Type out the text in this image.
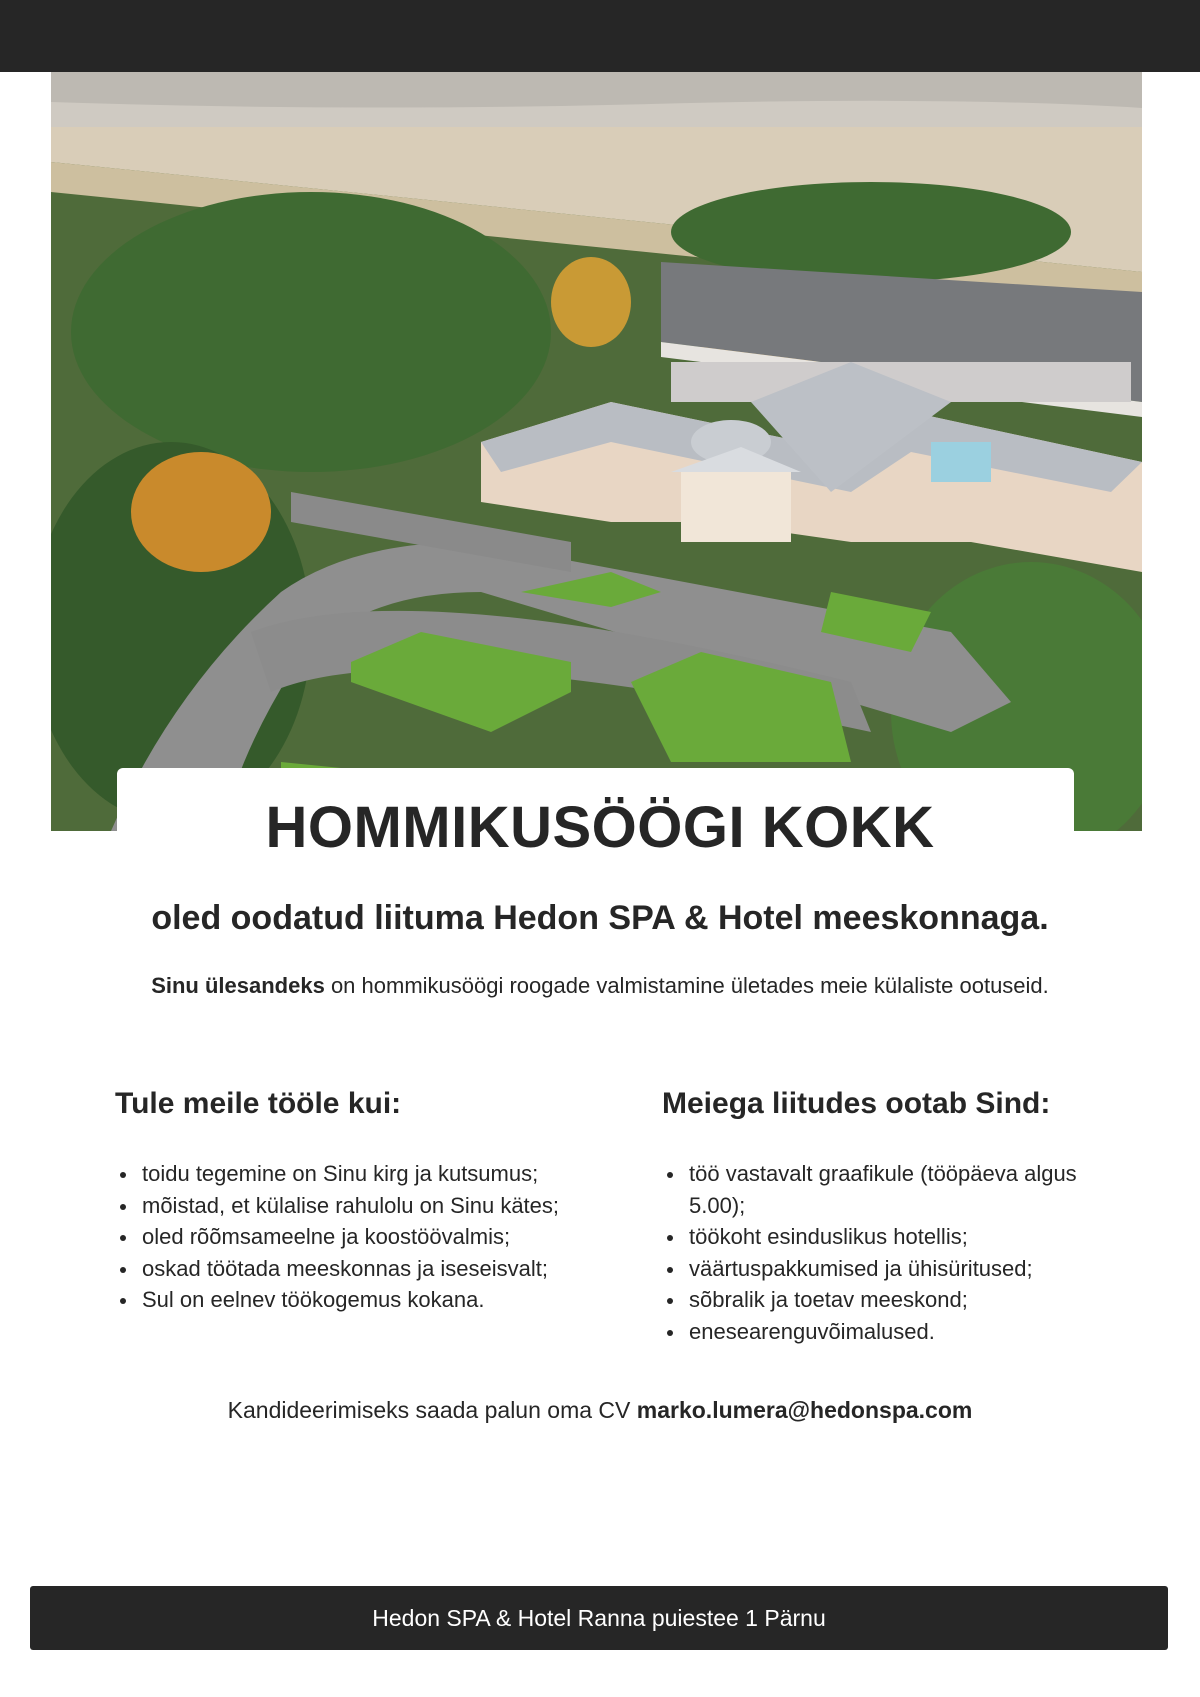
HOMMIKUSÖÖGI KOKK

oled oodatud liituma Hedon SPA & Hotel meeskonnaga.

Sinu ülesandeks on hommikusöögi roogade valmistamine ületades meie külaliste ootuseid.

Tule meile tööle kui:
toidu tegemine on Sinu kirg ja kutsumus;
mõistad, et külalise rahulolu on Sinu kätes;
oled rõõmsameelne ja koostöövalmis;
oskad töötada meeskonnas ja iseseisvalt;
Sul on eelnev töökogemus kokana.
Meiega liitudes ootab Sind:
töö vastavalt graafikule (tööpäeva algus 5.00);
töökoht esinduslikus hotellis;
väärtuspakkumised ja ühisüritused;
sõbralik ja toetav meeskond;
enesearenguvõimalused.

Kandideerimiseks saada palun oma CV marko.lumera@hedonspa.com

Hedon SPA & Hotel Ranna puiestee 1 Pärnu
